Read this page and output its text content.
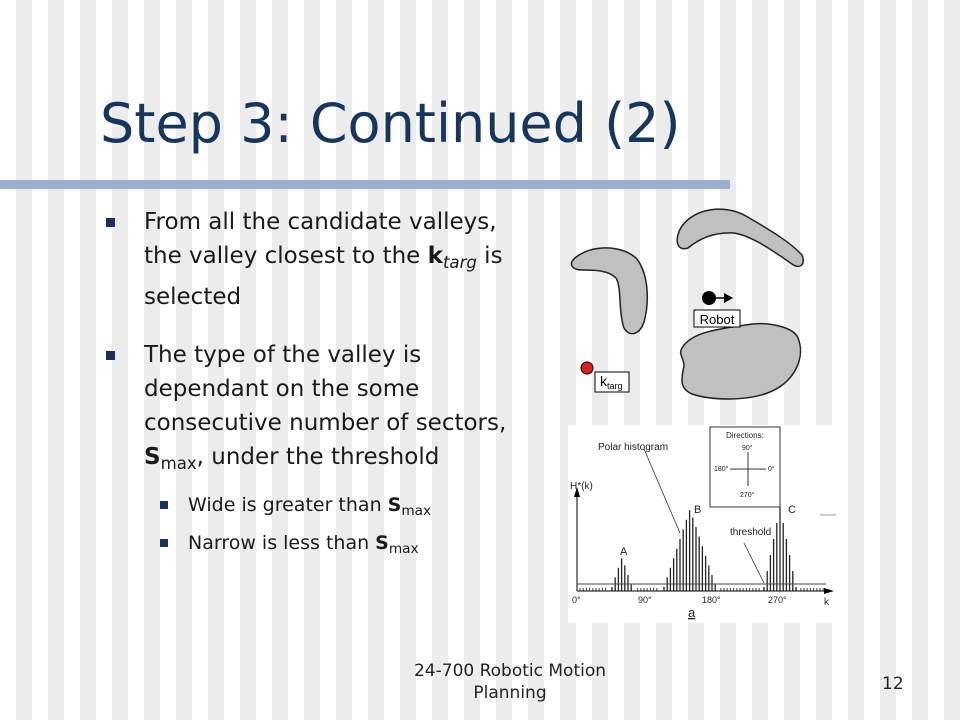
Step 3: Continued (2)
From all the candidate valleys, the valley closest to the $k_{targ}$ is selected
The type of the valley is dependant on the some consecutive number of sectors, $S_{max}$, under the threshold
Wide is greater than $S_{max}$
Narrow is less than $S_{max}$
Robot
$k_{targ}$
Polar histogram
H*(k)
threshold
A
B	C
0°	90°	180°	270°	k
a
Directions:
90°
180°	0°
270°
24-700 Robotic Motion Planning	12
